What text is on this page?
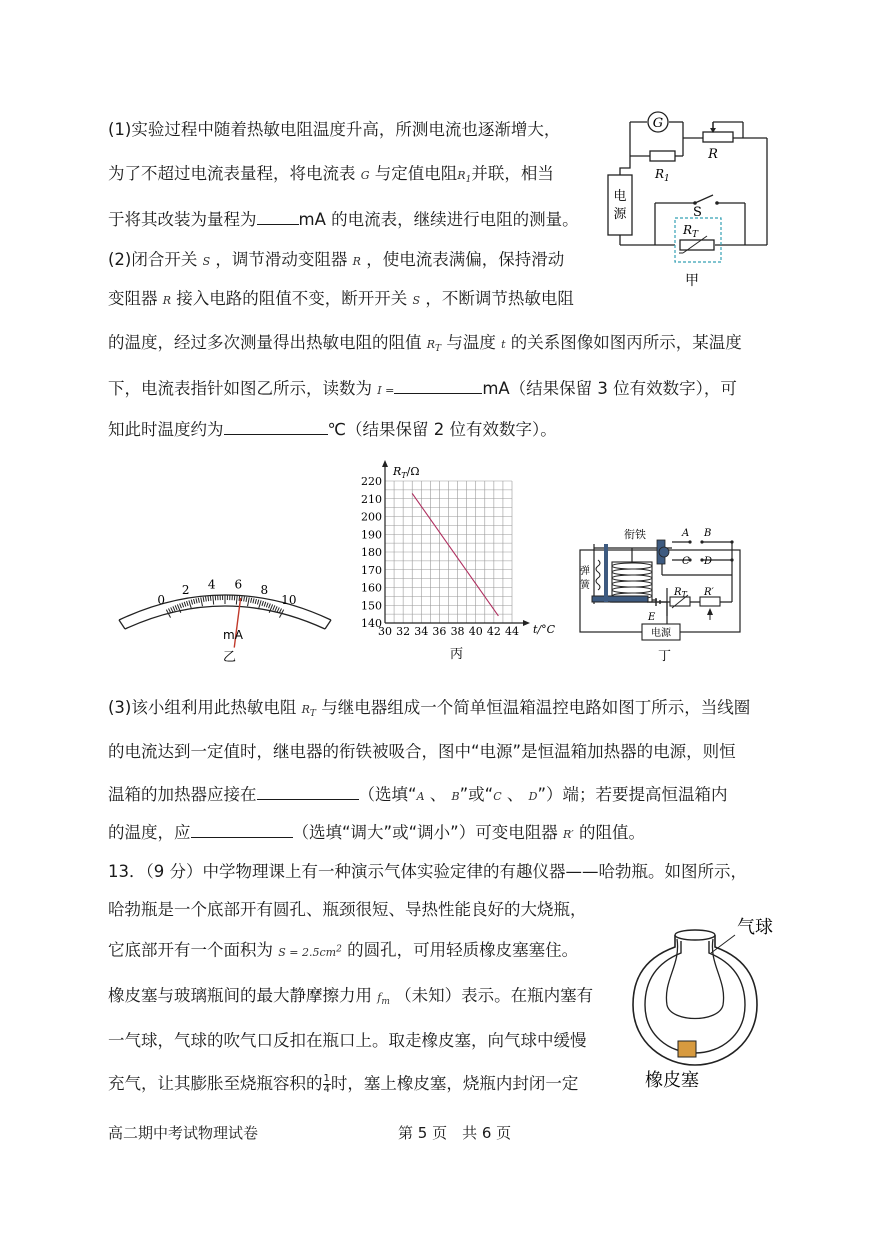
(1)实验过程中随着热敏电阻温度升高，所测电流也逐渐增大，
为了不超过电流表量程，将电流表 G 与定值电阻$R_1$并联，相当
于将其改装为量程为	mA 的电流表，继续进行电阻的测量。
(2)闭合开关 S ，调节滑动变阻器 R ，使电流表满偏，保持滑动
变阻器 R 接入电路的阻值不变，断开开关 S ，不断调节热敏电阻
的温度，经过多次测量得出热敏电阻的阻值 $R_T$ 与温度 t 的关系图像如图丙所示，某温度
下，电流表指针如图乙所示，读数为 I =	mA（结果保留 3 位有效数字），可
知此时温度约为	℃（结果保留 2 位有效数字）。
G
R
$R_1$
电
源	S
$R_T$
甲
0
2 4 6 8
10
mA
乙
$R_T/\Omega$
140
150
160
170
180
190
200
210
220
30 32 34 36 38 40 42 44 t/°C
丙
衔铁
弹
簧
A B
C D
$R_T$ R′
E
电源
丁
(3)该小组利用此热敏电阻 $R_T$ 与继电器组成一个简单恒温箱温控电路如图丁所示，当线圈
的电流达到一定值时，继电器的衔铁被吸合，图中“电源”是恒温箱加热器的电源，则恒
温箱的加热器应接在	（选填“A 、 B”或“C 、 D”）端；若要提高恒温箱内
的温度，应	（选填“调大”或“调小”）可变电阻器 R′ 的阻值。
13．（9 分）中学物理课上有一种演示气体实验定律的有趣仪器——哈勃瓶。如图所示，
哈勃瓶是一个底部开有圆孔、瓶颈很短、导热性能良好的大烧瓶，
它底部开有一个面积为 $S = 2.5cm^2$ 的圆孔，可用轻质橡皮塞塞住。
橡皮塞与玻璃瓶间的最大静摩擦力用 $f_m$ （未知）表示。在瓶内塞有
一气球，气球的吹气口反扣在瓶口上。取走橡皮塞，向气球中缓慢
充气，让其膨胀至烧瓶容积的 $\frac{1}{4}$ 时，塞上橡皮塞，烧瓶内封闭一定
气球
橡皮塞
高二期中考试物理试卷	第 5 页　共 6 页
